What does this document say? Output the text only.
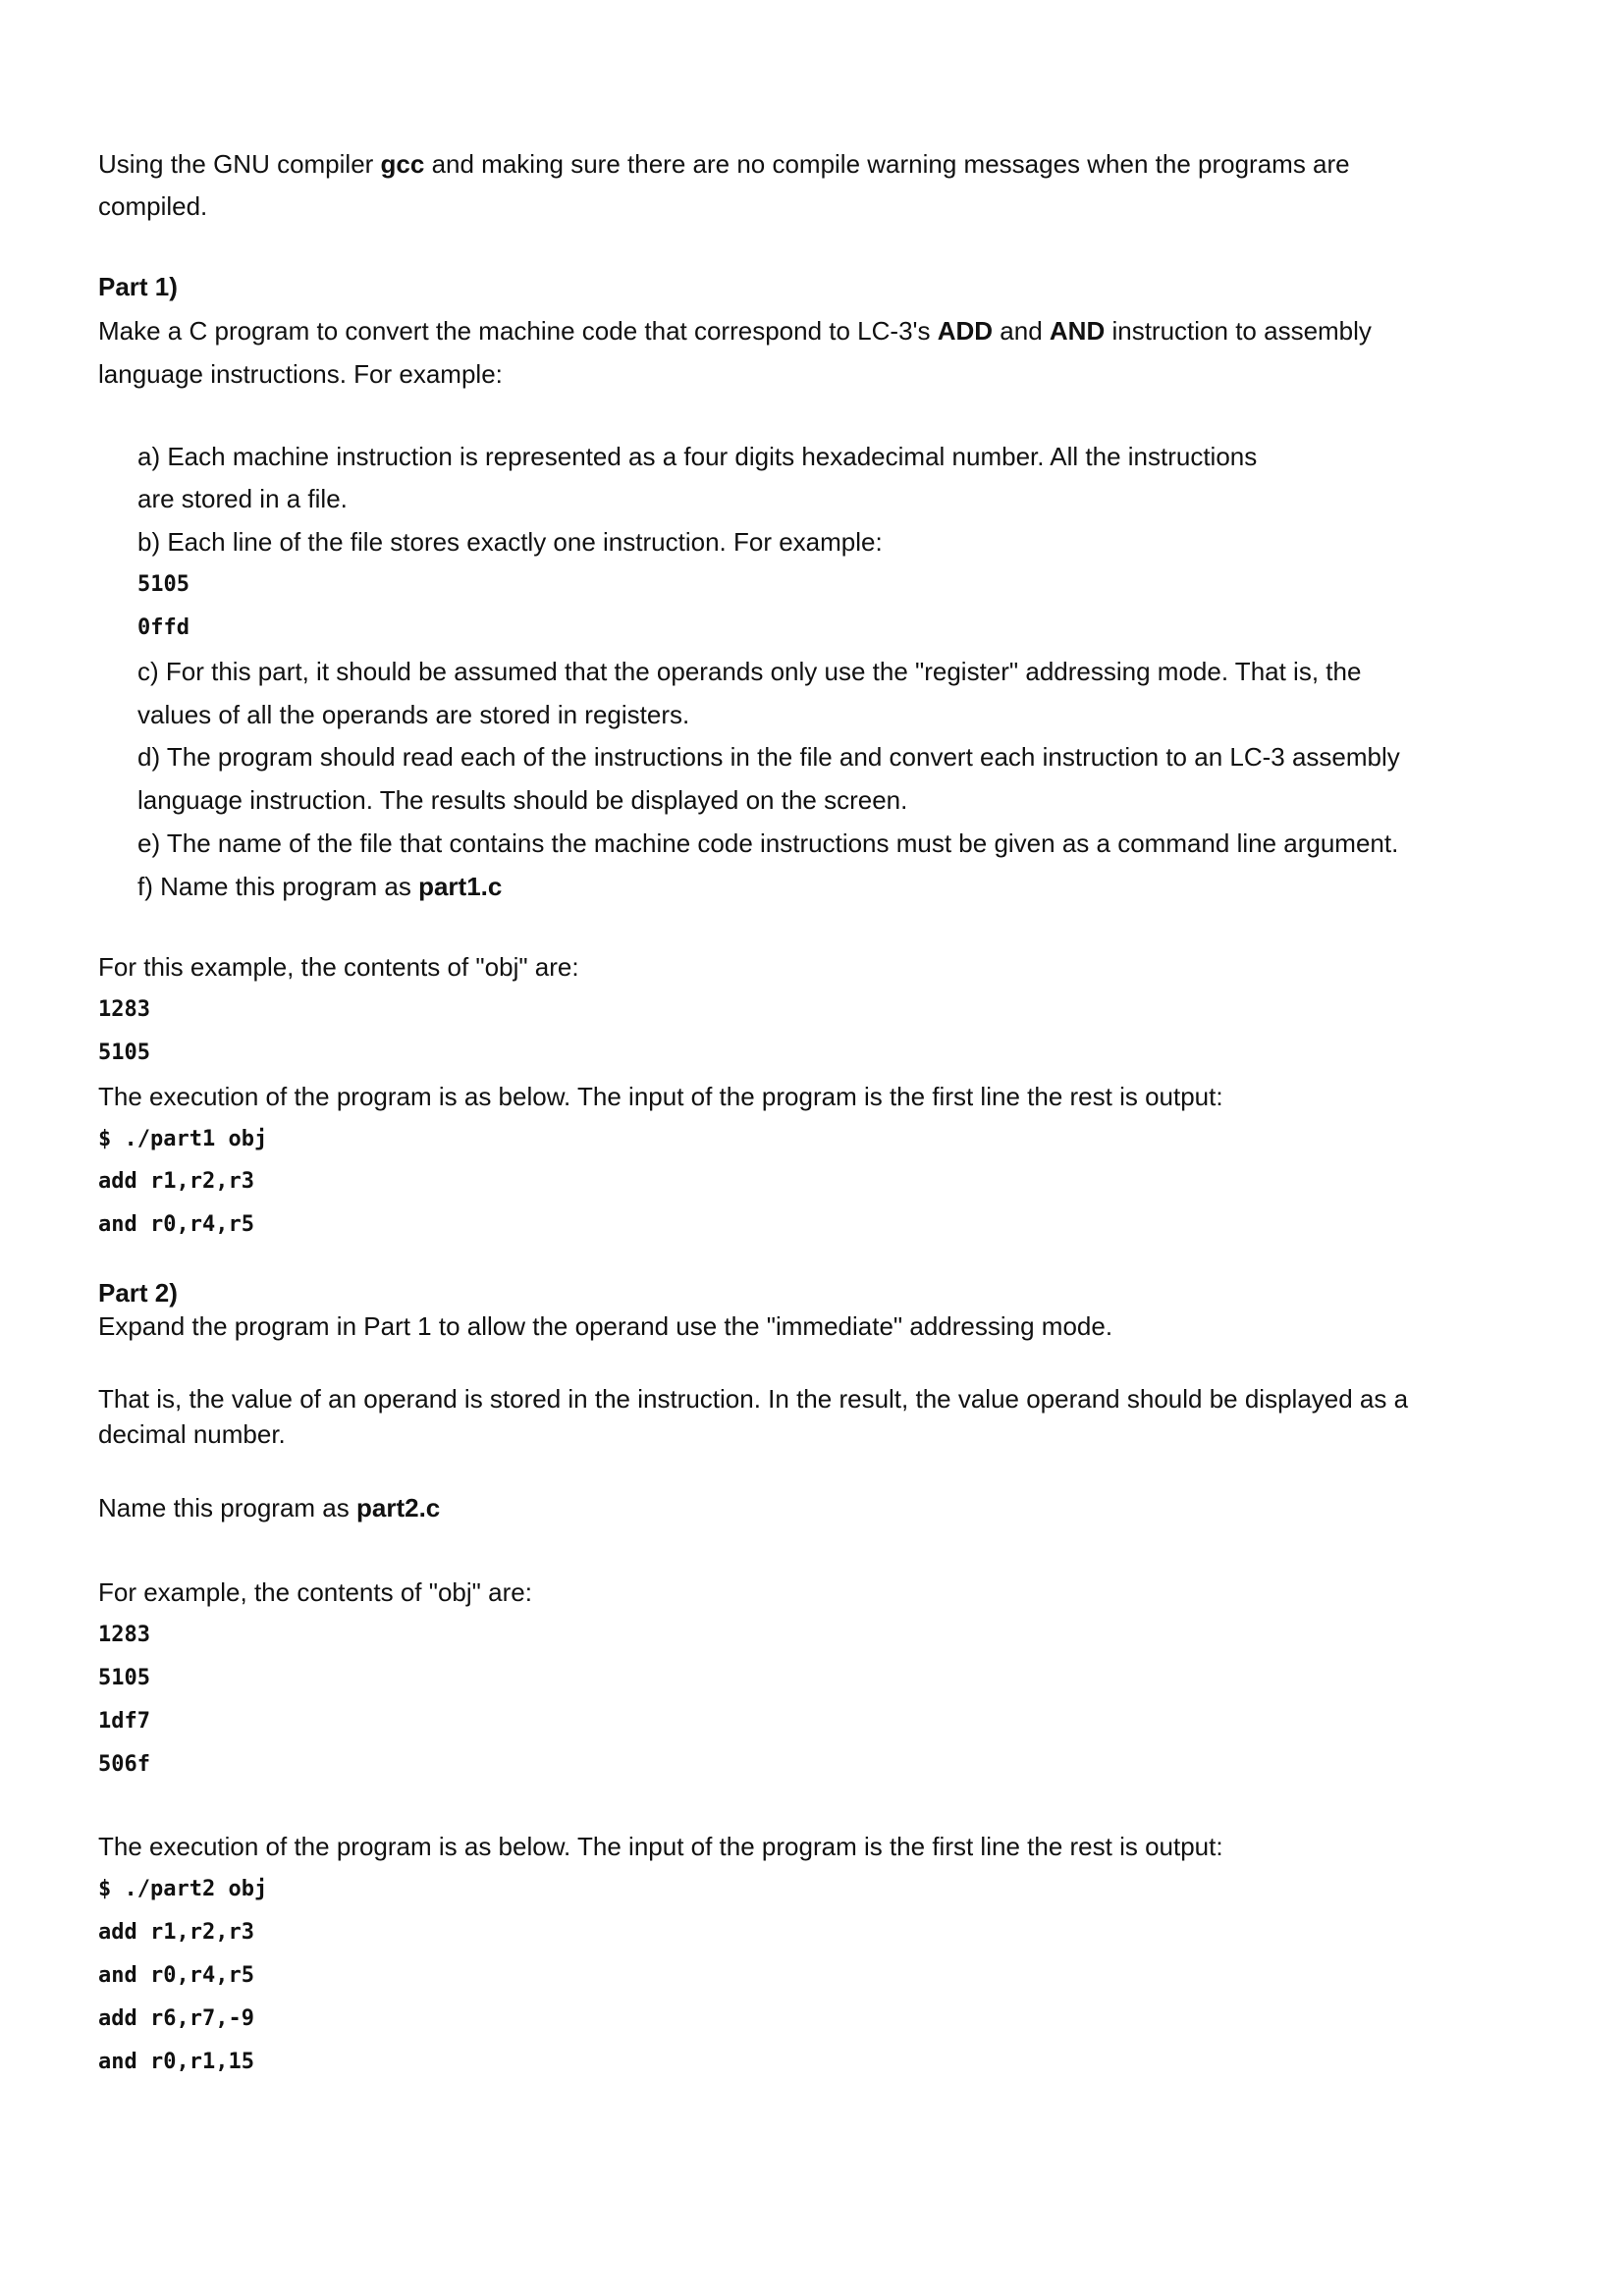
Using the GNU compiler gcc and making sure there are no compile warning messages when the programs are

compiled.

Part 1)

Make a C program to convert the machine code that correspond to LC-3's ADD and AND instruction to assembly

language instructions. For example:

a) Each machine instruction is represented as a four digits hexadecimal number. All the instructions

are stored in a file.

b) Each line of the file stores exactly one instruction. For example:

5105

0ffd

c) For this part, it should be assumed that the operands only use the "register" addressing mode. That is, the

values of all the operands are stored in registers.

d) The program should read each of the instructions in the file and convert each instruction to an LC-3 assembly

language instruction. The results should be displayed on the screen.

e) The name of the file that contains the machine code instructions must be given as a command line argument.

f) Name this program as part1.c

For this example, the contents of "obj" are:

1283

5105

The execution of the program is as below. The input of the program is the first line the rest is output:

$ ./part1 obj

add r1,r2,r3

and r0,r4,r5

Part 2)

Expand the program in Part 1 to allow the operand use the "immediate" addressing mode.

That is, the value of an operand is stored in the instruction. In the result, the value operand should be displayed as a

decimal number.

Name this program as part2.c

For example, the contents of "obj" are:

1283

5105

1df7

506f

The execution of the program is as below. The input of the program is the first line the rest is output:

$ ./part2 obj

add r1,r2,r3

and r0,r4,r5

add r6,r7,-9

and r0,r1,15
